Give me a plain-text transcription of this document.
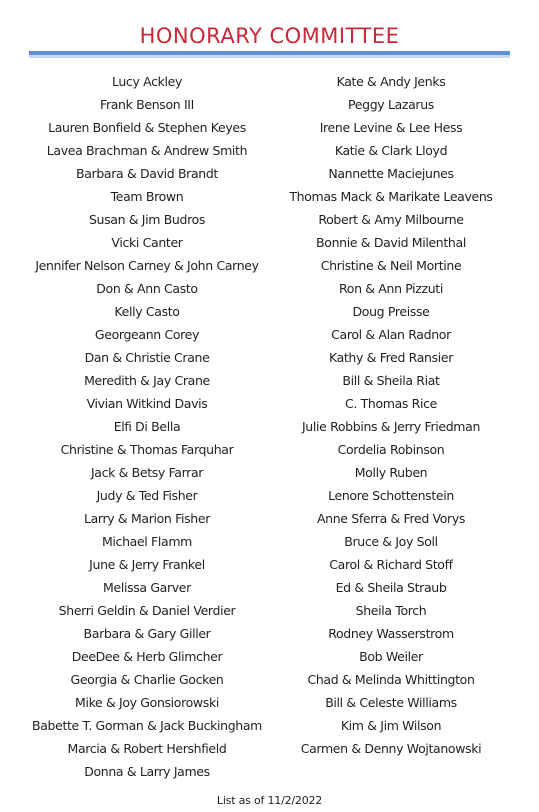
HONORARY COMMITTEE
Lucy Ackley
Frank Benson III
Lauren Bonfield & Stephen Keyes
Lavea Brachman & Andrew Smith
Barbara & David Brandt
Team Brown
Susan & Jim Budros
Vicki Canter
Jennifer Nelson Carney & John Carney
Don & Ann Casto
Kelly Casto
Georgeann Corey
Dan & Christie Crane
Meredith & Jay Crane
Vivian Witkind Davis
Elfi Di Bella
Christine & Thomas Farquhar
Jack & Betsy Farrar
Judy & Ted Fisher
Larry & Marion Fisher
Michael Flamm
June & Jerry Frankel
Melissa Garver
Sherri Geldin & Daniel Verdier
Barbara & Gary Giller
DeeDee & Herb Glimcher
Georgia & Charlie Gocken
Mike & Joy Gonsiorowski
Babette T. Gorman & Jack Buckingham
Marcia & Robert Hershfield
Donna & Larry James
Kate & Andy Jenks
Peggy Lazarus
Irene Levine & Lee Hess
Katie & Clark Lloyd
Nannette Maciejunes
Thomas Mack & Marikate Leavens
Robert & Amy Milbourne
Bonnie & David Milenthal
Christine & Neil Mortine
Ron & Ann Pizzuti
Doug Preisse
Carol & Alan Radnor
Kathy & Fred Ransier
Bill & Sheila Riat
C. Thomas Rice
Julie Robbins & Jerry Friedman
Cordelia Robinson
Molly Ruben
Lenore Schottenstein
Anne Sferra & Fred Vorys
Bruce & Joy Soll
Carol & Richard Stoff
Ed & Sheila Straub
Sheila Torch
Rodney Wasserstrom
Bob Weiler
Chad & Melinda Whittington
Bill & Celeste Williams
Kim & Jim Wilson
Carmen & Denny Wojtanowski
List as of 11/2/2022
